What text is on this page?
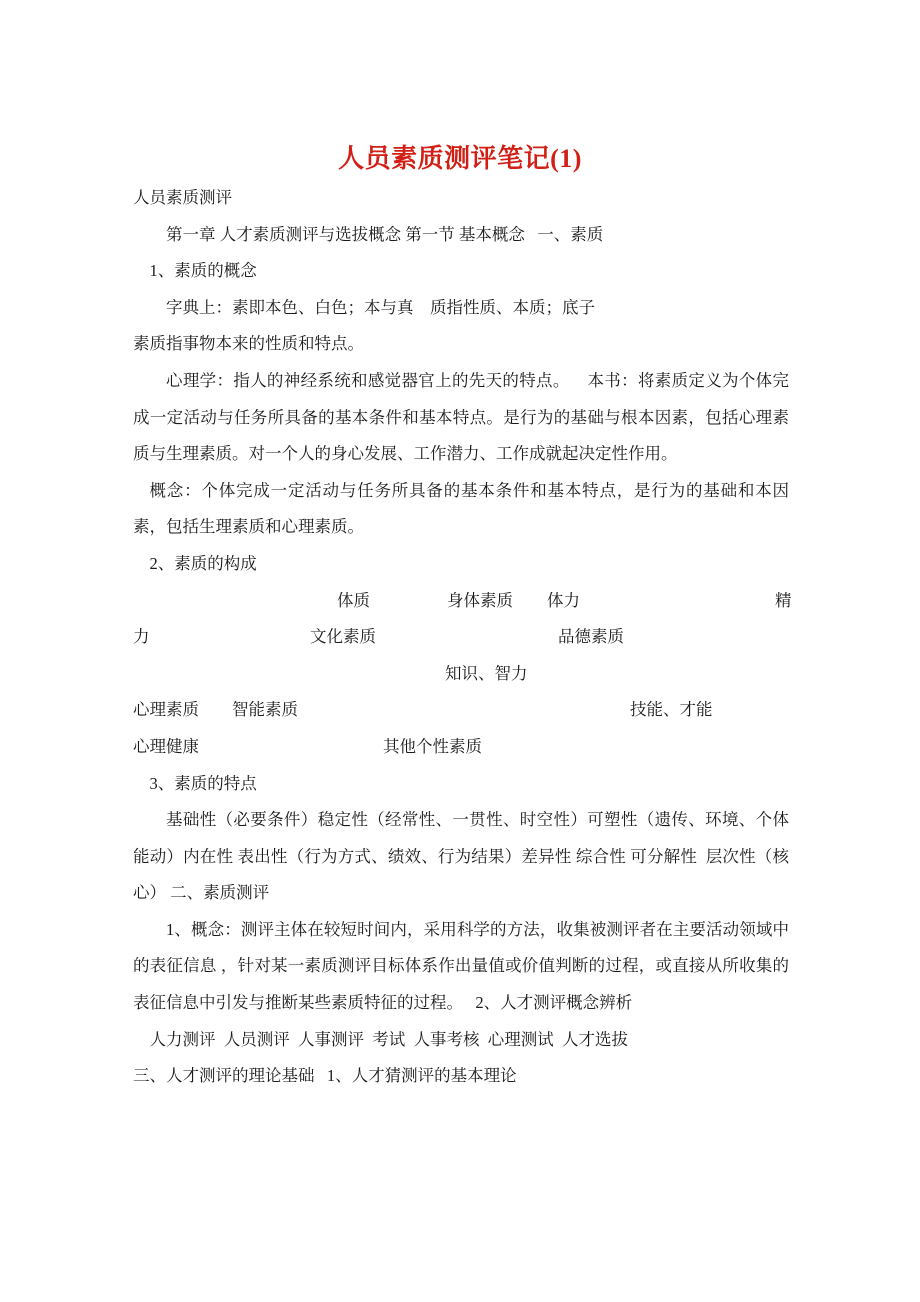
人员素质测评笔记(1)

人员素质测评

第一章 人才素质测评与选拔概念 第一节 基本概念   一、素质

1、素质的概念

字典上：素即本色、白色；本与真    质指性质、本质；底子

素质指事物本来的性质和特点。

心理学：指人的神经系统和感觉器官上的先天的特点。    本书：将素质定义为个体完成一定活动与任务所具备的基本条件和基本特点。是行为的基础与根本因素，包括心理素质与生理素质。对一个人的身心发展、工作潜力、工作成就起决定性作用。

概念：个体完成一定活动与任务所具备的基本条件和基本特点，是行为的基础和本因素，包括生理素质和心理素质。

2、素质的构成

体质	身体素质 体力	精
力	文化素质	品德素质
知识、智力
心理素质 智能素质	技能、才能
心理健康	其他个性素质

3、素质的特点

基础性（必要条件）稳定性（经常性、一贯性、时空性）可塑性（遗传、环境、个体能动）内在性 表出性（行为方式、绩效、行为结果）差异性 综合性 可分解性  层次性（核心） 二、素质测评

1、概念：测评主体在较短时间内，采用科学的方法，收集被测评者在主要活动领域中的表征信息 ，针对某一素质测评目标体系作出量值或价值判断的过程，或直接从所收集的表征信息中引发与推断某些素质特征的过程。   2、人才测评概念辨析

人力测评  人员测评  人事测评  考试  人事考核  心理测试  人才选拔

三、人才测评的理论基础   1、人才猜测评的基本理论
